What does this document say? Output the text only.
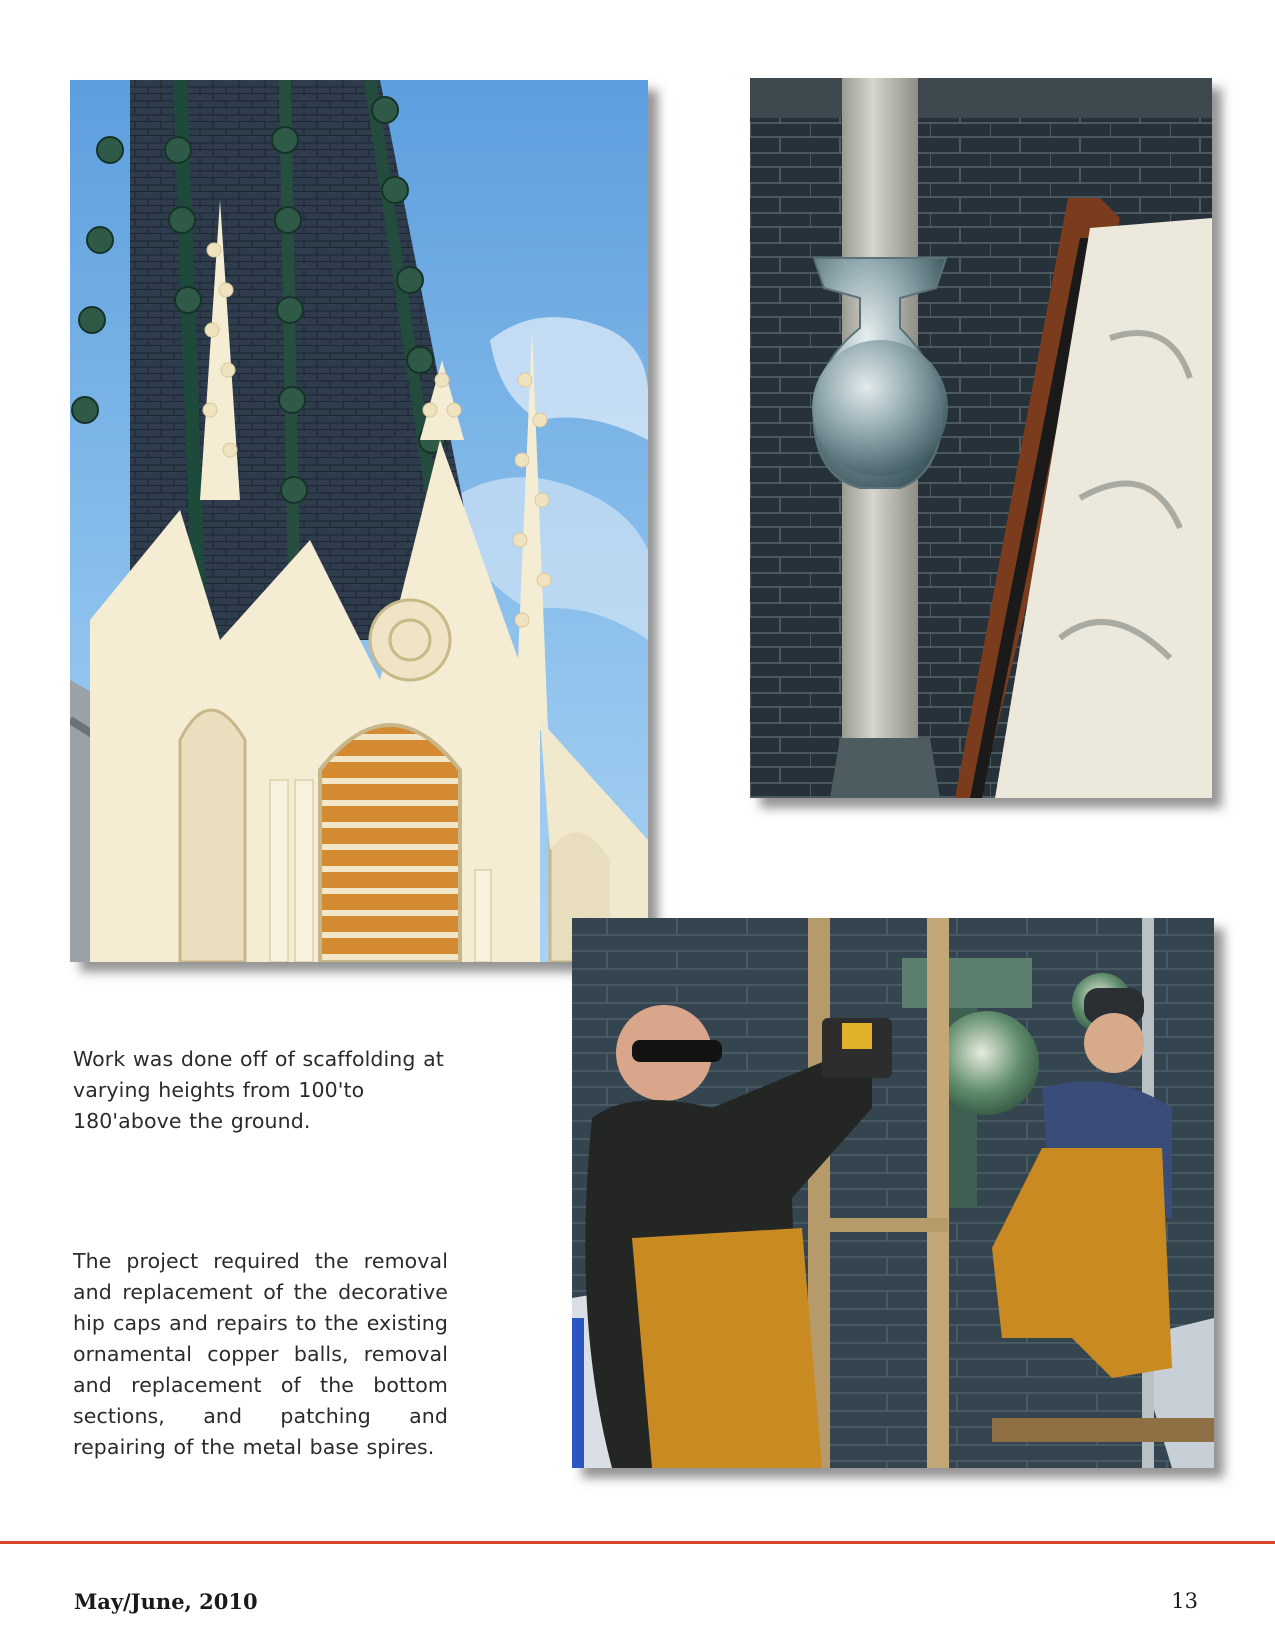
Work was done off of scaffolding at varying heights from 100'to 180'above the ground.

The project required the removal and replacement of the decorative hip caps and repairs to the existing ornamental copper balls, removal and replacement of the bottom sections, and patching and repairing of the metal base spires.

May/June, 2010	13
